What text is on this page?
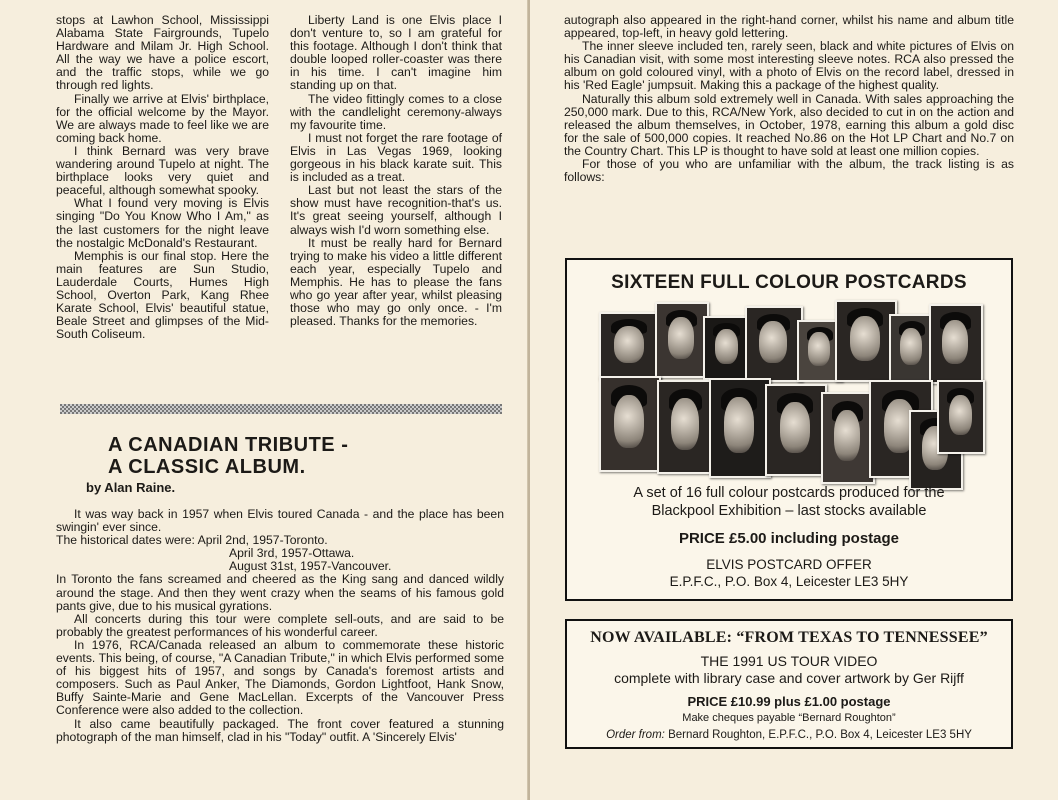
stops at Lawhon School, Mississippi Alabama State Fairgrounds, Tupelo Hardware and Milam Jr. High School. All the way we have a police escort, and the traffic stops, while we go through red lights.

Finally we arrive at Elvis' birthplace, for the official welcome by the Mayor. We are always made to feel like we are coming back home.

I think Bernard was very brave wandering around Tupelo at night. The birthplace looks very quiet and peaceful, although somewhat spooky.

What I found very moving is Elvis singing "Do You Know Who I Am," as the last customers for the night leave the nostalgic McDonald's Restaurant.

Memphis is our final stop. Here the main features are Sun Studio, Lauderdale Courts, Humes High School, Overton Park, Kang Rhee Karate School, Elvis' beautiful statue, Beale Street and glimpses of the Mid-South Coliseum.

Liberty Land is one Elvis place I don't venture to, so I am grateful for this footage. Although I don't think that double looped roller-coaster was there in his time. I can't imagine him standing up on that.

The video fittingly comes to a close with the candlelight ceremony-always my favourite time.

I must not forget the rare footage of Elvis in Las Vegas 1969, looking gorgeous in his black karate suit. This is included as a treat.

Last but not least the stars of the show must have recognition-that's us. It's great seeing yourself, although I always wish I'd worn something else.

It must be really hard for Bernard trying to make his video a little different each year, especially Tupelo and Memphis. He has to please the fans who go year after year, whilst pleasing those who may go only once. - I'm pleased. Thanks for the memories.

A CANADIAN TRIBUTE -
A CLASSIC ALBUM.
by Alan Raine.

It was way back in 1957 when Elvis toured Canada - and the place has been swingin' ever since.

The historical dates were: April 2nd, 1957-Toronto.
April 3rd, 1957-Ottawa.
August 31st, 1957-Vancouver.

In Toronto the fans screamed and cheered as the King sang and danced wildly around the stage. And then they went crazy when the seams of his famous gold pants give, due to his musical gyrations.

All concerts during this tour were complete sell-outs, and are said to be probably the greatest performances of his wonderful career.

In 1976, RCA/Canada released an album to commemorate these historic events. This being, of course, "A Canadian Tribute," in which Elvis performed some of his biggest hits of 1957, and songs by Canada's foremost artists and composers. Such as Paul Anker, The Diamonds, Gordon Lightfoot, Hank Snow, Buffy Sainte-Marie and Gene MacLellan. Excerpts of the Vancouver Press Conference were also added to the collection.

It also came beautifully packaged. The front cover featured a stunning photograph of the man himself, clad in his "Today" outfit. A 'Sincerely Elvis'

autograph also appeared in the right-hand corner, whilst his name and album title appeared, top-left, in heavy gold lettering.

The inner sleeve included ten, rarely seen, black and white pictures of Elvis on his Canadian visit, with some most interesting sleeve notes. RCA also pressed the album on gold coloured vinyl, with a photo of Elvis on the record label, dressed in his 'Red Eagle' jumpsuit. Making this a package of the highest quality.

Naturally this album sold extremely well in Canada. With sales approaching the 250,000 mark. Due to this, RCA/New York, also decided to cut in on the action and released the album themselves, in October, 1978, earning this album a gold disc for the sale of 500,000 copies. It reached No.86 on the Hot LP Chart and No.7 on the Country Chart. This LP is thought to have sold at least one million copies.

For those of you who are unfamiliar with the album, the track listing is as follows:

SIXTEEN FULL COLOUR POSTCARDS
A set of 16 full colour postcards produced for the
Blackpool Exhibition – last stocks available
PRICE £5.00 including postage
ELVIS POSTCARD OFFER
E.P.F.C., P.O. Box 4, Leicester LE3 5HY
NOW AVAILABLE: “FROM TEXAS TO TENNESSEE”
THE 1991 US TOUR VIDEO
complete with library case and cover artwork by Ger Rijff
PRICE £10.99 plus £1.00 postage
Make cheques payable “Bernard Roughton”
Order from: Bernard Roughton, E.P.F.C., P.O. Box 4, Leicester LE3 5HY
